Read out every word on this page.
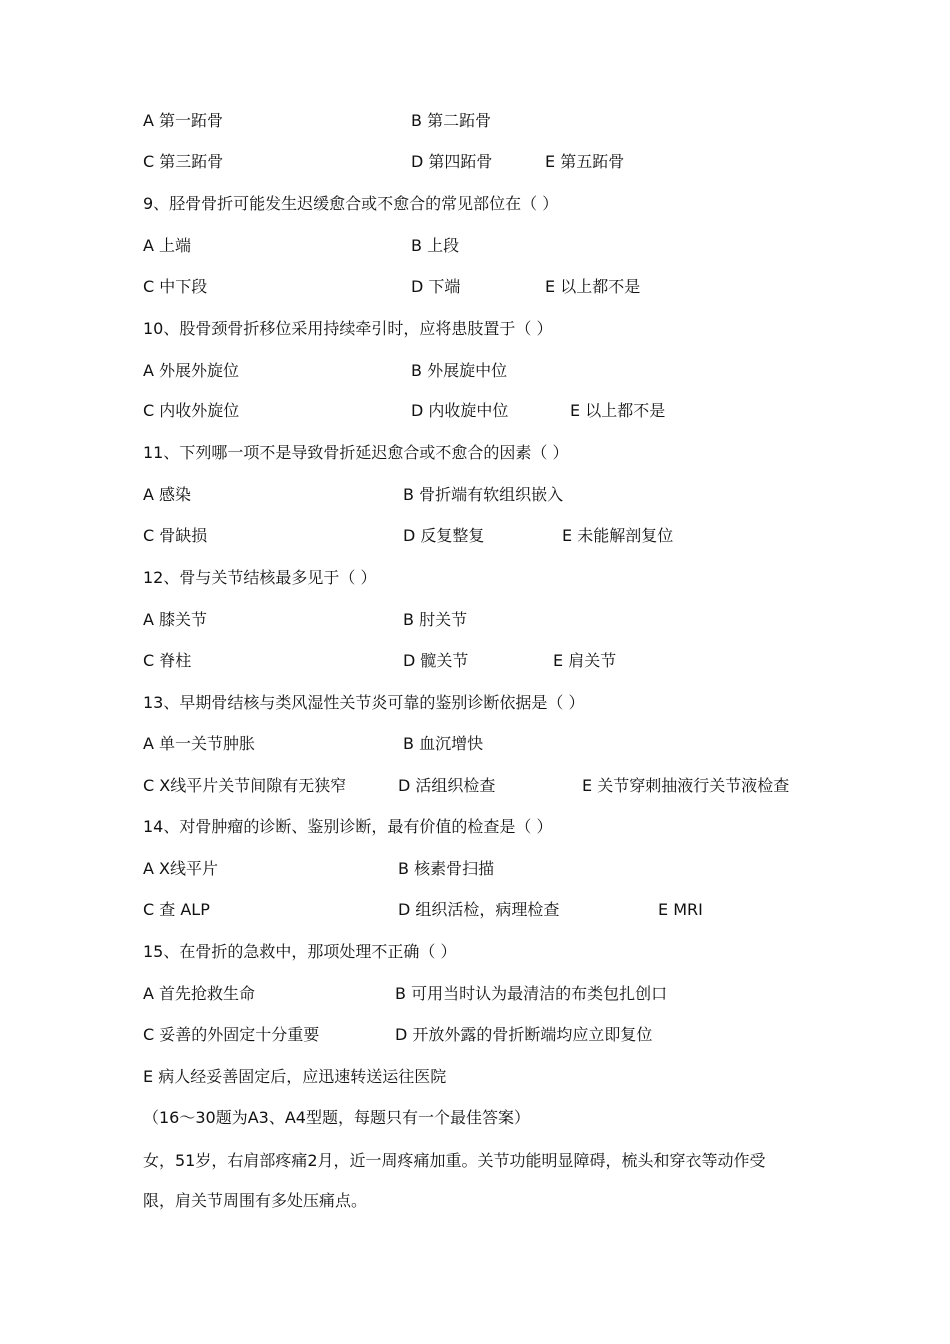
A 第一跖骨	B 第二跖骨
C 第三跖骨	D 第四跖骨	E 第五跖骨
9、胫骨骨折可能发生迟缓愈合或不愈合的常见部位在（ ）
A 上端	B 上段
C 中下段	D 下端	E 以上都不是
10、股骨颈骨折移位采用持续牵引时，应将患肢置于（ ）
A 外展外旋位	B 外展旋中位
C 内收外旋位	D 内收旋中位	E 以上都不是
11、下列哪一项不是导致骨折延迟愈合或不愈合的因素（ ）
A 感染	B 骨折端有软组织嵌入
C 骨缺损	D 反复整复	E 未能解剖复位
12、骨与关节结核最多见于（ ）
A 膝关节	B 肘关节
C 脊柱	D 髋关节	E 肩关节
13、早期骨结核与类风湿性关节炎可靠的鉴别诊断依据是（ ）
A 单一关节肿胀	B 血沉增快
C X线平片关节间隙有无狭窄	D 活组织检查	E 关节穿刺抽液行关节液检查
14、对骨肿瘤的诊断、鉴别诊断，最有价值的检查是（ ）
A X线平片	B 核素骨扫描
C 查 ALP	D 组织活检，病理检查	E MRI
15、在骨折的急救中，那项处理不正确（ ）
A 首先抢救生命	B 可用当时认为最清洁的布类包扎创口
C 妥善的外固定十分重要	D 开放外露的骨折断端均应立即复位
E 病人经妥善固定后，应迅速转送运往医院
（16～30题为A3、A4型题，每题只有一个最佳答案）
女，51岁，右肩部疼痛2月，近一周疼痛加重。关节功能明显障碍，梳头和穿衣等动作受
限，肩关节周围有多处压痛点。
